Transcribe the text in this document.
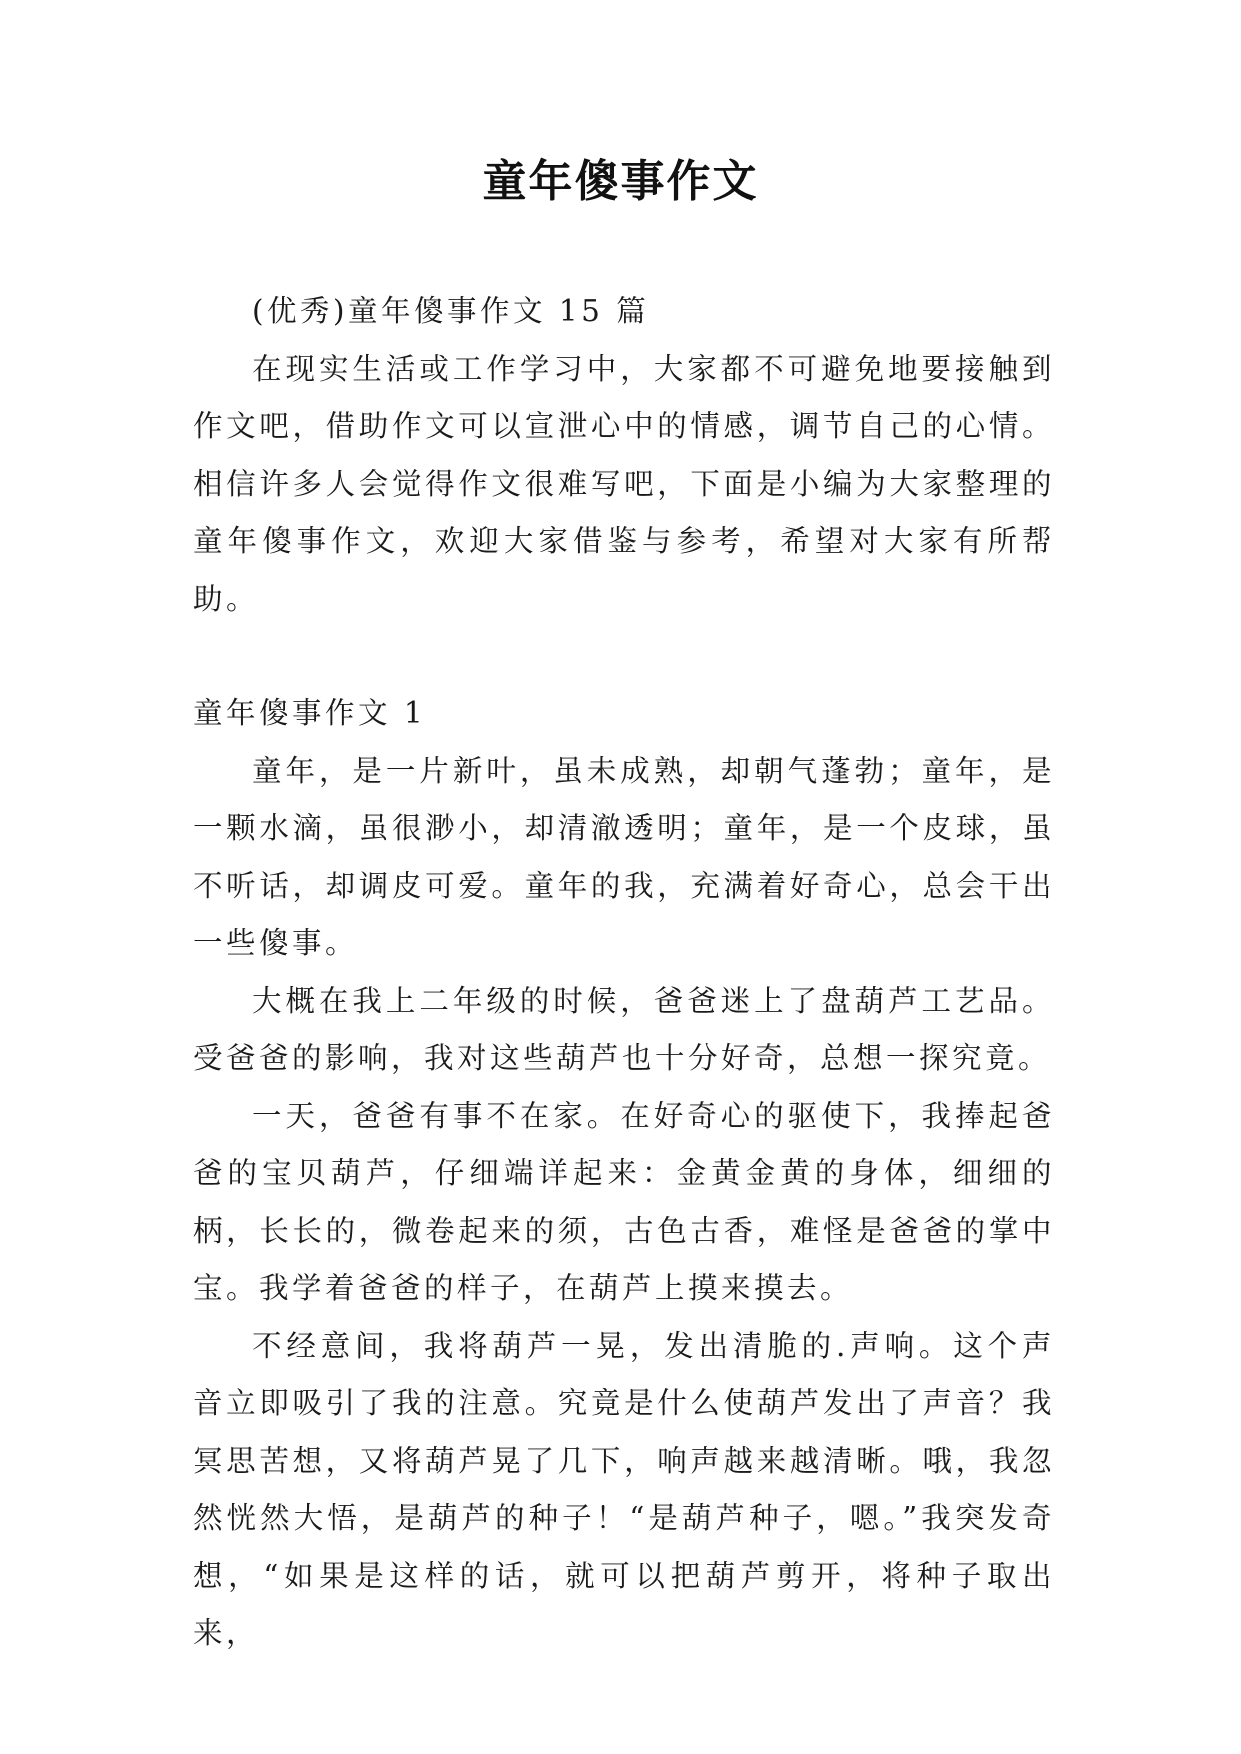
童年傻事作文

(优秀)童年傻事作文 15 篇

在现实生活或工作学习中，大家都不可避免地要接触到作文吧，借助作文可以宣泄心中的情感，调节自己的心情。相信许多人会觉得作文很难写吧，下面是小编为大家整理的童年傻事作文，欢迎大家借鉴与参考，希望对大家有所帮助。

童年傻事作文 1

童年，是一片新叶，虽未成熟，却朝气蓬勃；童年，是一颗水滴，虽很渺小，却清澈透明；童年，是一个皮球，虽不听话，却调皮可爱。童年的我，充满着好奇心，总会干出一些傻事。

大概在我上二年级的时候，爸爸迷上了盘葫芦工艺品。受爸爸的影响，我对这些葫芦也十分好奇，总想一探究竟。

一天，爸爸有事不在家。在好奇心的驱使下，我捧起爸爸的宝贝葫芦，仔细端详起来：金黄金黄的身体，细细的柄，长长的，微卷起来的须，古色古香，难怪是爸爸的掌中宝。我学着爸爸的样子，在葫芦上摸来摸去。

不经意间，我将葫芦一晃，发出清脆的.声响。这个声音立即吸引了我的注意。究竟是什么使葫芦发出了声音？我冥思苦想，又将葫芦晃了几下，响声越来越清晰。哦，我忽然恍然大悟，是葫芦的种子！“是葫芦种子，嗯。”我突发奇想，“如果是这样的话，就可以把葫芦剪开，将种子取出来，
